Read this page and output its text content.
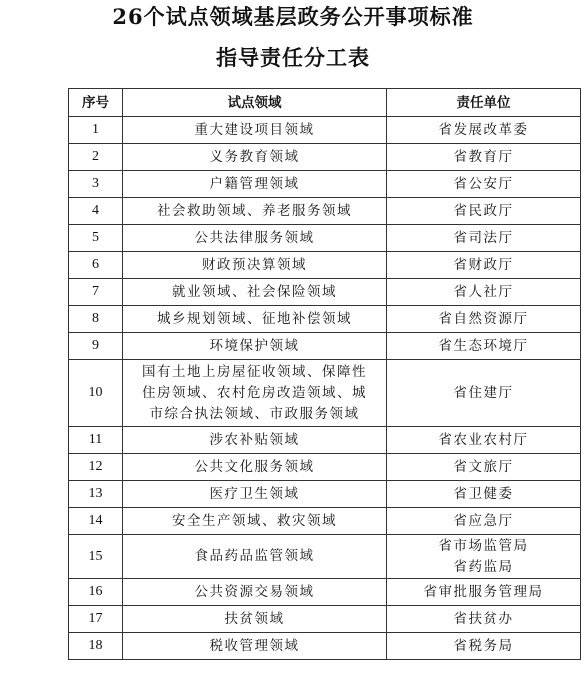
26个试点领域基层政务公开事项标准
指导责任分工表
序号	试点领域	责任单位
1	重大建设项目领域	省发展改革委

2	义务教育领域	省教育厅

3	户籍管理领域	省公安厅

4	社会救助领域、养老服务领域	省民政厅

5	公共法律服务领域	省司法厅

6	财政预决算领域	省财政厅

7	就业领域、社会保险领域	省人社厅

8	城乡规划领域、征地补偿领域	省自然资源厅

9	环境保护领域	省生态环境厅

10	国有土地上房屋征收领域、保障性
住房领域、农村危房改造领域、城
市综合执法领域、市政服务领域	省住建厅

11	涉农补贴领域	省农业农村厅

12	公共文化服务领域	省文旅厅

13	医疗卫生领域	省卫健委

14	安全生产领域、救灾领域	省应急厅

15	食品药品监管领域	省市场监管局
省药监局

16	公共资源交易领域	省审批服务管理局

17	扶贫领域	省扶贫办

18	税收管理领域	省税务局
